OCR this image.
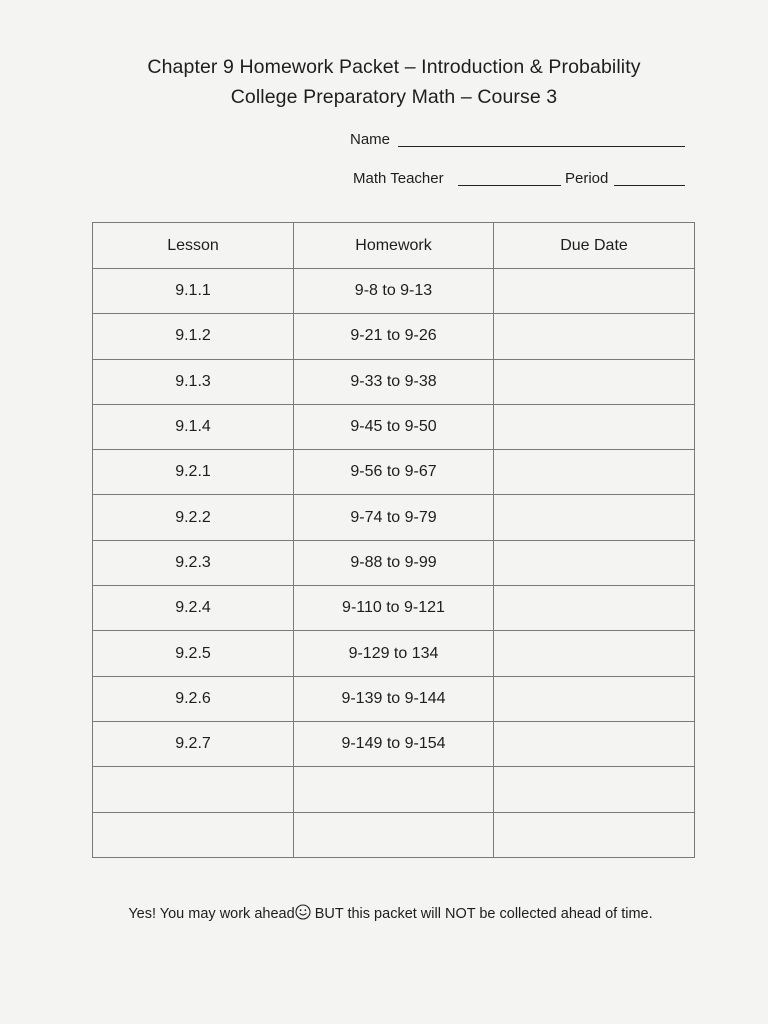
Chapter 9 Homework Packet – Introduction & Probability
College Preparatory Math – Course 3
Name
Math Teacher	Period
Lesson	Homework	Due Date
9.1.1	9-8 to 9-13	
9.1.2	9-21 to 9-26	
9.1.3	9-33 to 9-38	
9.1.4	9-45 to 9-50	
9.2.1	9-56 to 9-67	
9.2.2	9-74 to 9-79	
9.2.3	9-88 to 9-99	
9.2.4	9-110 to 9-121	
9.2.5	9-129 to 134	
9.2.6	9-139 to 9-144	
9.2.7	9-149 to 9-154	

Yes! You may work ahead BUT this packet will NOT be collected ahead of time.
